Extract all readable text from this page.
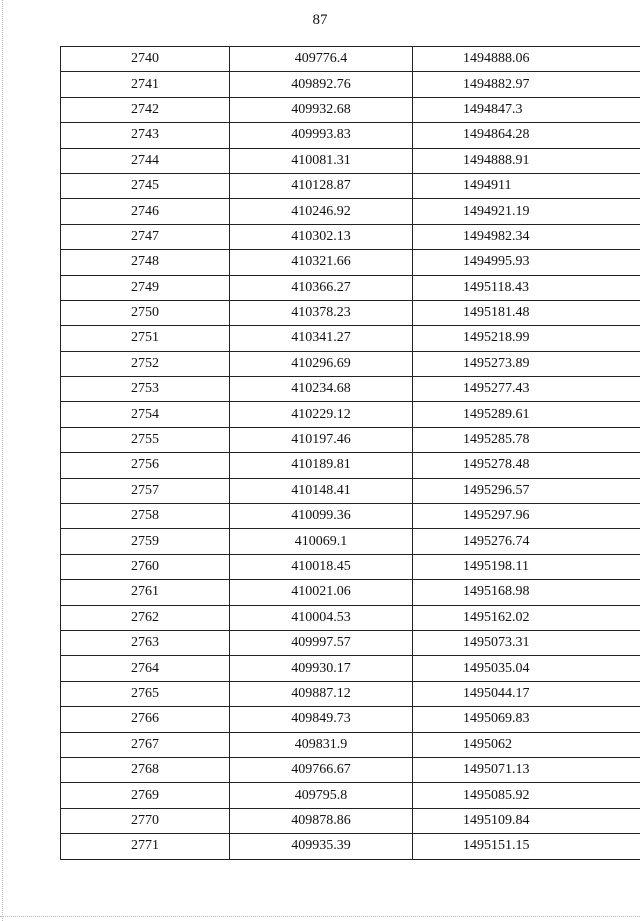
87
2740	409776.4	1494888.06
2741	409892.76	1494882.97
2742	409932.68	1494847.3
2743	409993.83	1494864.28
2744	410081.31	1494888.91
2745	410128.87	1494911
2746	410246.92	1494921.19
2747	410302.13	1494982.34
2748	410321.66	1494995.93
2749	410366.27	1495118.43
2750	410378.23	1495181.48
2751	410341.27	1495218.99
2752	410296.69	1495273.89
2753	410234.68	1495277.43
2754	410229.12	1495289.61
2755	410197.46	1495285.78
2756	410189.81	1495278.48
2757	410148.41	1495296.57
2758	410099.36	1495297.96
2759	410069.1	1495276.74
2760	410018.45	1495198.11
2761	410021.06	1495168.98
2762	410004.53	1495162.02
2763	409997.57	1495073.31
2764	409930.17	1495035.04
2765	409887.12	1495044.17
2766	409849.73	1495069.83
2767	409831.9	1495062
2768	409766.67	1495071.13
2769	409795.8	1495085.92
2770	409878.86	1495109.84
2771	409935.39	1495151.15
